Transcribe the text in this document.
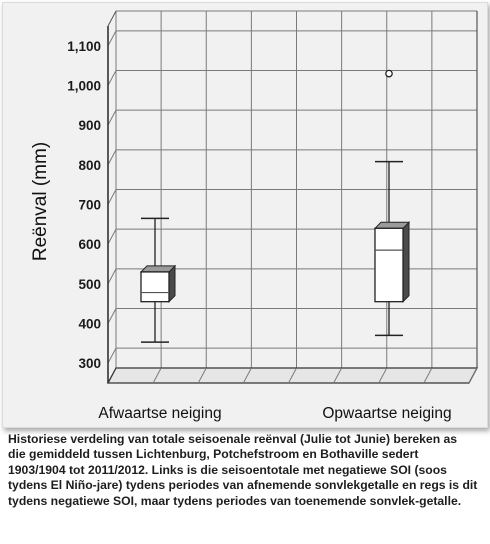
300
400
500
600
700
800
900
1,000
1,100
Reënval (mm)
Afwaartse neiging	Opwaartse neiging

Historiese verdeling van totale seisoenale reënval (Julie tot Junie) bereken as die gemiddeld tussen Lichtenburg, Potchefstroom en Bothaville sedert 1903/1904 tot 2011/2012. Links is die seisoentotale met negatiewe SOI (soos tydens El Niño-jare) tydens periodes van afnemende sonvlekgetalle en regs is dit tydens negatiewe SOI, maar tydens periodes van toenemende sonvlek-getalle.
